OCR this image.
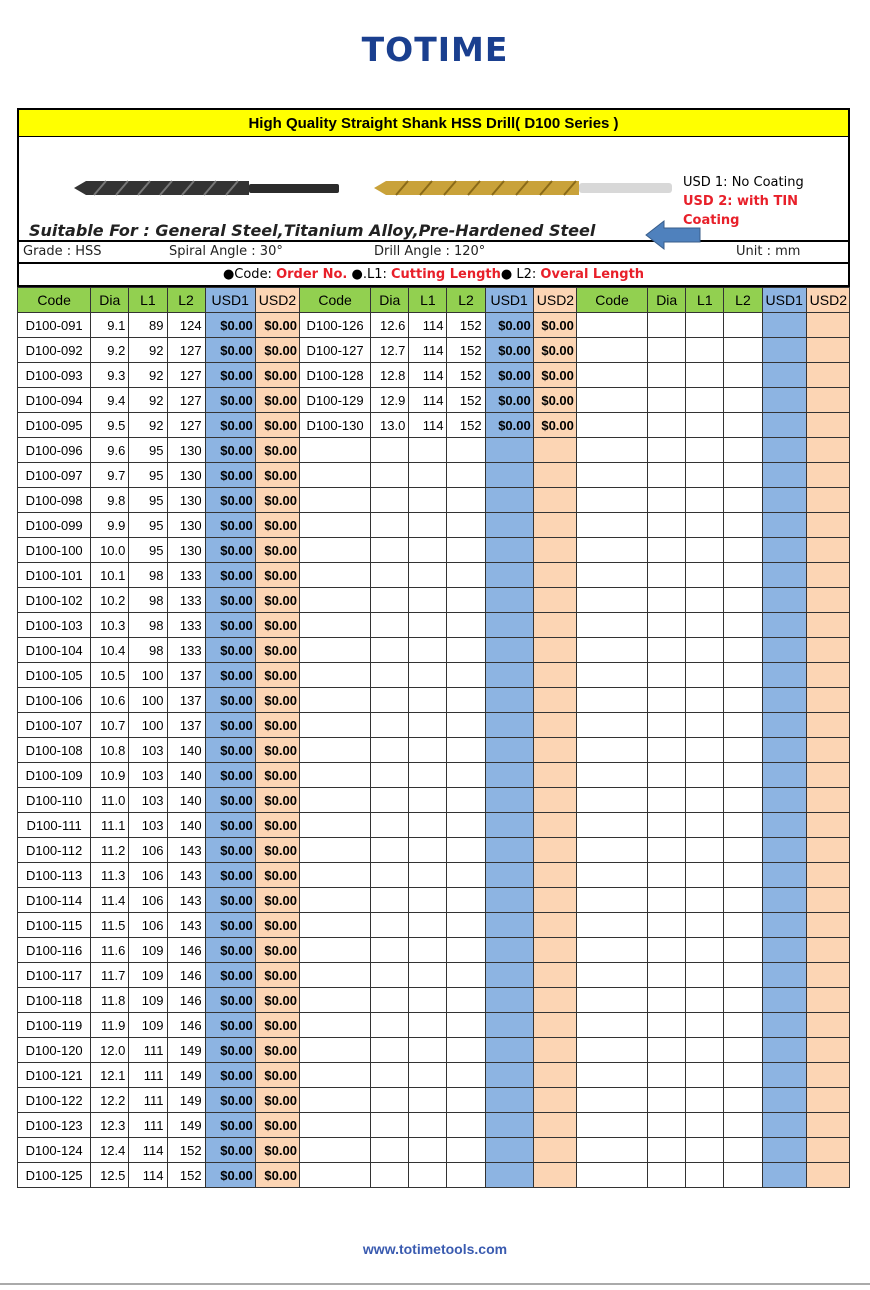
TOTIME
High Quality Straight Shank HSS Drill( D100 Series )
USD 1: No Coating
USD 2: with TIN Coating
Suitable For : General Steel,Titanium Alloy,Pre-Hardened Steel
Grade : HSS	Spiral Angle : 30°	Drill Angle : 120°	Unit : mm
●Code: Order No. ●.L1: Cutting Length● L2: Overal Length
Code	Dia	L1	L2	USD1	USD2	Code	Dia	L1	L2	USD1	USD2	Code	Dia	L1	L2	USD1	USD2
D100-091	9.1	89	124	$0.00	$0.00	D100-126	12.6	114	152	$0.00	$0.00						
D100-092	9.2	92	127	$0.00	$0.00	D100-127	12.7	114	152	$0.00	$0.00						
D100-093	9.3	92	127	$0.00	$0.00	D100-128	12.8	114	152	$0.00	$0.00						
D100-094	9.4	92	127	$0.00	$0.00	D100-129	12.9	114	152	$0.00	$0.00						
D100-095	9.5	92	127	$0.00	$0.00	D100-130	13.0	114	152	$0.00	$0.00						
D100-096	9.6	95	130	$0.00	$0.00												
D100-097	9.7	95	130	$0.00	$0.00												
D100-098	9.8	95	130	$0.00	$0.00												
D100-099	9.9	95	130	$0.00	$0.00												
D100-100	10.0	95	130	$0.00	$0.00												
D100-101	10.1	98	133	$0.00	$0.00												
D100-102	10.2	98	133	$0.00	$0.00												
D100-103	10.3	98	133	$0.00	$0.00												
D100-104	10.4	98	133	$0.00	$0.00												
D100-105	10.5	100	137	$0.00	$0.00												
D100-106	10.6	100	137	$0.00	$0.00												
D100-107	10.7	100	137	$0.00	$0.00												
D100-108	10.8	103	140	$0.00	$0.00												
D100-109	10.9	103	140	$0.00	$0.00												
D100-110	11.0	103	140	$0.00	$0.00												
D100-111	11.1	103	140	$0.00	$0.00												
D100-112	11.2	106	143	$0.00	$0.00												
D100-113	11.3	106	143	$0.00	$0.00												
D100-114	11.4	106	143	$0.00	$0.00												
D100-115	11.5	106	143	$0.00	$0.00												
D100-116	11.6	109	146	$0.00	$0.00												
D100-117	11.7	109	146	$0.00	$0.00												
D100-118	11.8	109	146	$0.00	$0.00												
D100-119	11.9	109	146	$0.00	$0.00												
D100-120	12.0	111	149	$0.00	$0.00												
D100-121	12.1	111	149	$0.00	$0.00												
D100-122	12.2	111	149	$0.00	$0.00												
D100-123	12.3	111	149	$0.00	$0.00												
D100-124	12.4	114	152	$0.00	$0.00												
D100-125	12.5	114	152	$0.00	$0.00												
www.totimetools.com
